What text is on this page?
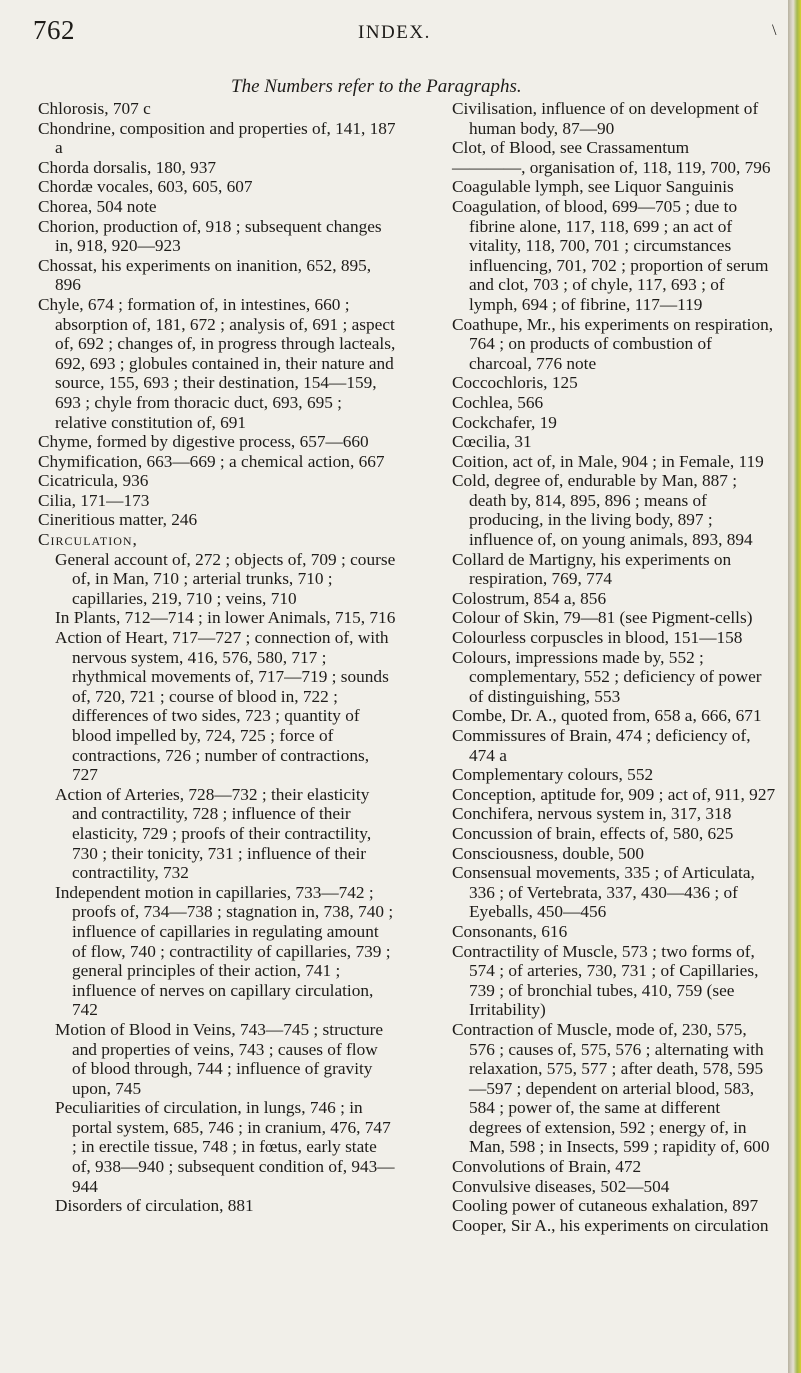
762	INDEX.	\
The Numbers refer to the Paragraphs.

Chlorosis, 707 c

Chondrine, composition and properties of, 141, 187 a

Chorda dorsalis, 180, 937

Chordæ vocales, 603, 605, 607

Chorea, 504 note

Chorion, production of, 918 ; subsequent changes in, 918, 920—923

Chossat, his experiments on inanition, 652, 895, 896

Chyle, 674 ; formation of, in intestines, 660 ; absorption of, 181, 672 ; analysis of, 691 ; aspect of, 692 ; changes of, in progress through lacteals, 692, 693 ; globules contained in, their nature and source, 155, 693 ; their destination, 154—159, 693 ; chyle from thoracic duct, 693, 695 ; relative constitution of, 691

Chyme, formed by digestive process, 657—660

Chymification, 663—669 ; a chemical action, 667

Cicatricula, 936

Cilia, 171—173

Cineritious matter, 246

Circulation,

General account of, 272 ; objects of, 709 ; course of, in Man, 710 ; arterial trunks, 710 ; capillaries, 219, 710 ; veins, 710

In Plants, 712—714 ; in lower Animals, 715, 716

Action of Heart, 717—727 ; connection of, with nervous system, 416, 576, 580, 717 ; rhythmical movements of, 717—719 ; sounds of, 720, 721 ; course of blood in, 722 ; differences of two sides, 723 ; quantity of blood impelled by, 724, 725 ; force of contractions, 726 ; number of contractions, 727

Action of Arteries, 728—732 ; their elasticity and contractility, 728 ; influence of their elasticity, 729 ; proofs of their contractility, 730 ; their tonicity, 731 ; influence of their contractility, 732

Independent motion in capillaries, 733—742 ; proofs of, 734—738 ; stagnation in, 738, 740 ; influence of capillaries in regulating amount of flow, 740 ; contractility of capillaries, 739 ; general principles of their action, 741 ; influence of nerves on capillary circulation, 742

Motion of Blood in Veins, 743—745 ; structure and properties of veins, 743 ; causes of flow of blood through, 744 ; influence of gravity upon, 745

Peculiarities of circulation, in lungs, 746 ; in portal system, 685, 746 ; in cranium, 476, 747 ; in erectile tissue, 748 ; in fœtus, early state of, 938—940 ; subsequent condition of, 943—944

Disorders of circulation, 881

Civilisation, influence of on development of human body, 87—90

Clot, of Blood, see Crassamentum

————, organisation of, 118, 119, 700, 796

Coagulable lymph, see Liquor Sanguinis

Coagulation, of blood, 699—705 ; due to fibrine alone, 117, 118, 699 ; an act of vitality, 118, 700, 701 ; circumstances influencing, 701, 702 ; proportion of serum and clot, 703 ; of chyle, 117, 693 ; of lymph, 694 ; of fibrine, 117—119

Coathupe, Mr., his experiments on respiration, 764 ; on products of combustion of charcoal, 776 note

Coccochloris, 125

Cochlea, 566

Cockchafer, 19

Cœcilia, 31

Coition, act of, in Male, 904 ; in Female, 119

Cold, degree of, endurable by Man, 887 ; death by, 814, 895, 896 ; means of producing, in the living body, 897 ; influence of, on young animals, 893, 894

Collard de Martigny, his experiments on respiration, 769, 774

Colostrum, 854 a, 856

Colour of Skin, 79—81 (see Pigment-cells)

Colourless corpuscles in blood, 151—158

Colours, impressions made by, 552 ; complementary, 552 ; deficiency of power of distinguishing, 553

Combe, Dr. A., quoted from, 658 a, 666, 671

Commissures of Brain, 474 ; deficiency of, 474 a

Complementary colours, 552

Conception, aptitude for, 909 ; act of, 911, 927

Conchifera, nervous system in, 317, 318

Concussion of brain, effects of, 580, 625

Consciousness, double, 500

Consensual movements, 335 ; of Articulata, 336 ; of Vertebrata, 337, 430—436 ; of Eyeballs, 450—456

Consonants, 616

Contractility of Muscle, 573 ; two forms of, 574 ; of arteries, 730, 731 ; of Capillaries, 739 ; of bronchial tubes, 410, 759 (see Irritability)

Contraction of Muscle, mode of, 230, 575, 576 ; causes of, 575, 576 ; alternating with relaxation, 575, 577 ; after death, 578, 595—597 ; dependent on arterial blood, 583, 584 ; power of, the same at different degrees of extension, 592 ; energy of, in Man, 598 ; in Insects, 599 ; rapidity of, 600

Convolutions of Brain, 472

Convulsive diseases, 502—504

Cooling power of cutaneous exhalation, 897

Cooper, Sir A., his experiments on circulation
